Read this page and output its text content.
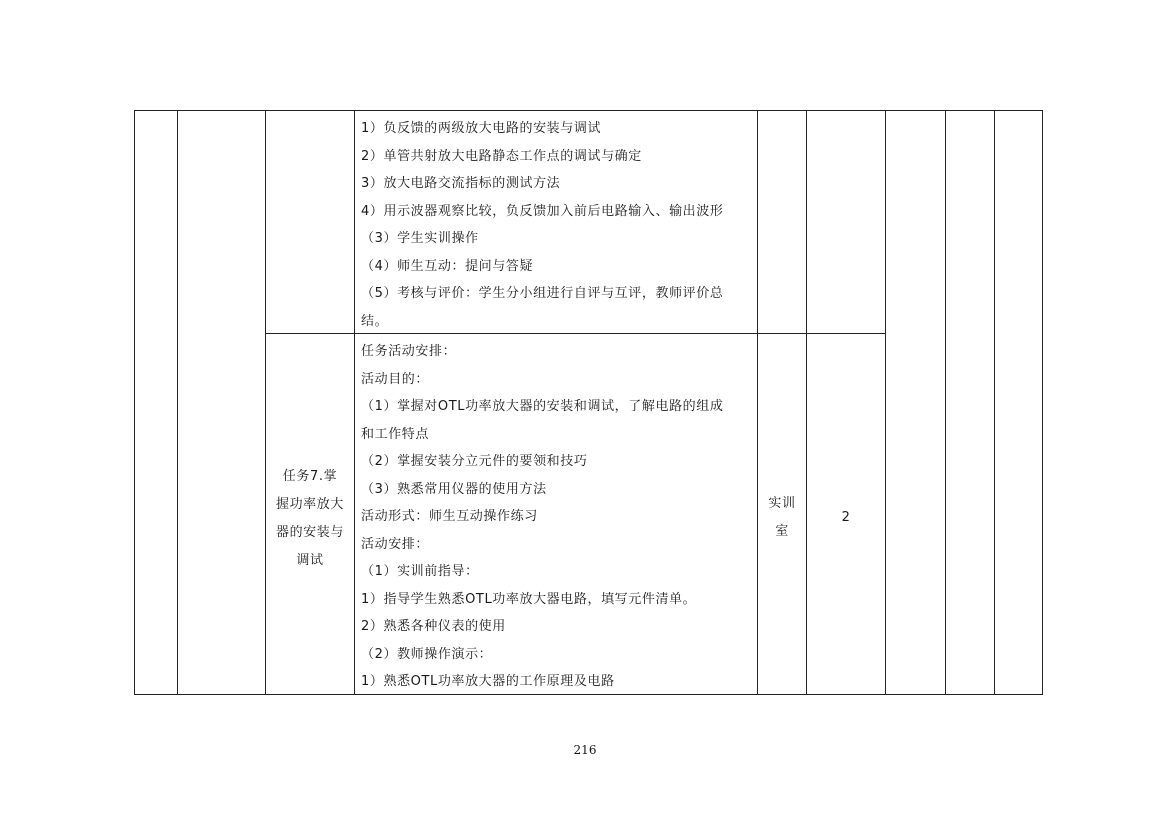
1）负反馈的两级放大电路的安装与调试
2）单管共射放大电路静态工作点的调试与确定
3）放大电路交流指标的测试方法
4）用示波器观察比较，负反馈加入前后电路输入、输出波形
（3）学生实训操作
（4）师生互动：提问与答疑
（5）考核与评价：学生分小组进行自评与互评，教师评价总
结。
任务7.掌
握功率放大
器的安装与
调试
任务活动安排：
活动目的：
（1）掌握对OTL功率放大器的安装和调试，了解电路的组成
和工作特点
（2）掌握安装分立元件的要领和技巧
（3）熟悉常用仪器的使用方法
活动形式：师生互动操作练习
活动安排：
（1）实训前指导：
1）指导学生熟悉OTL功率放大器电路，填写元件清单。
2）熟悉各种仪表的使用
（2）教师操作演示：
1）熟悉OTL功率放大器的工作原理及电路
实训
室
2
216
